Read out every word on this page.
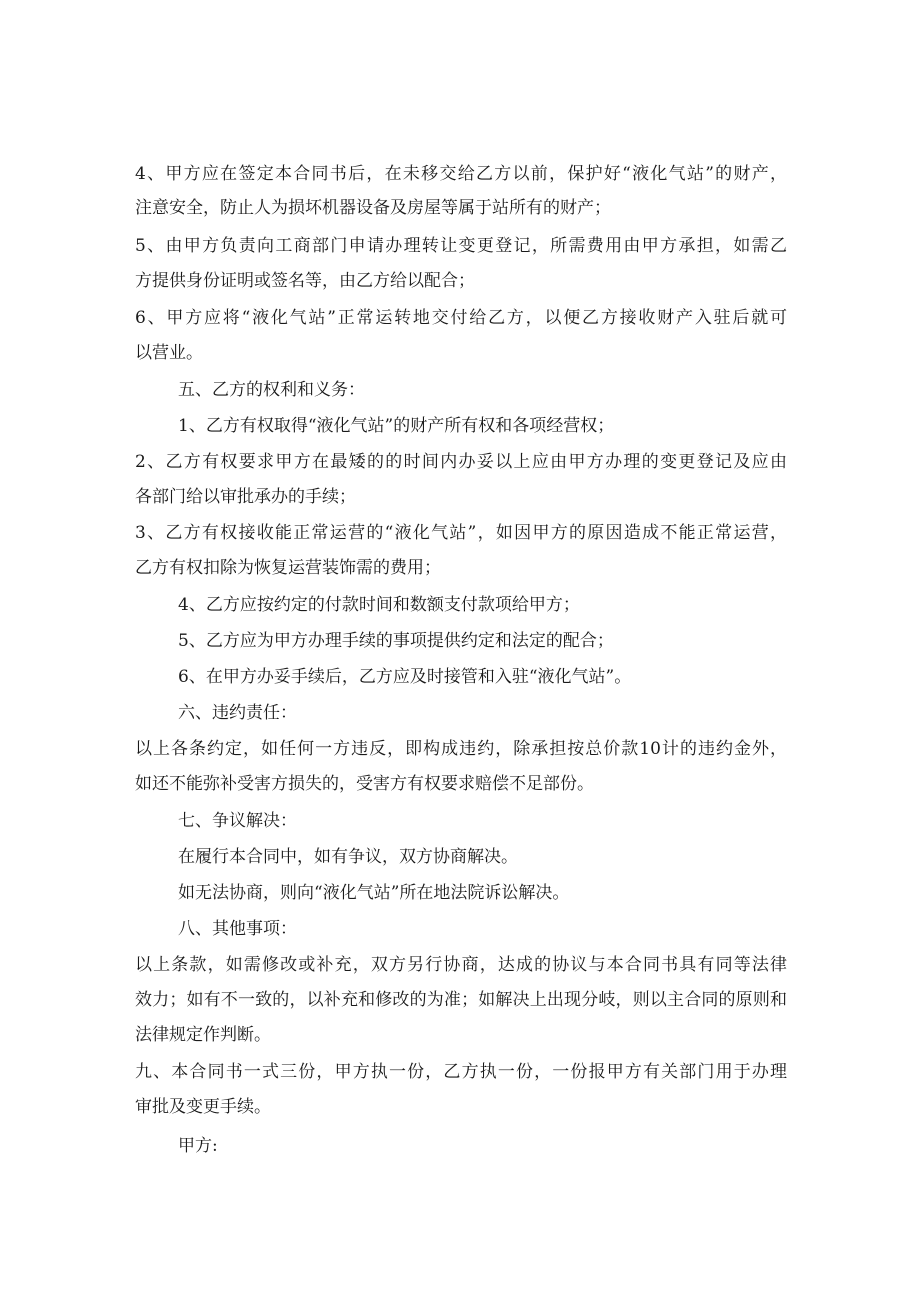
4、甲方应在签定本合同书后，在未移交给乙方以前，保护好“液化气站”的财产，
注意安全，防止人为损坏机器设备及房屋等属于站所有的财产；
5、由甲方负责向工商部门申请办理转让变更登记，所需费用由甲方承担，如需乙
方提供身份证明或签名等，由乙方给以配合；
6、甲方应将“液化气站”正常运转地交付给乙方，以便乙方接收财产入驻后就可
以营业。
五、乙方的权利和义务：
1、乙方有权取得“液化气站”的财产所有权和各项经营权；
2、乙方有权要求甲方在最矮的的时间内办妥以上应由甲方办理的变更登记及应由
各部门给以审批承办的手续；
3、乙方有权接收能正常运营的“液化气站”，如因甲方的原因造成不能正常运营，
乙方有权扣除为恢复运营装饰需的费用；
4、乙方应按约定的付款时间和数额支付款项给甲方；
5、乙方应为甲方办理手续的事项提供约定和法定的配合；
6、在甲方办妥手续后，乙方应及时接管和入驻“液化气站”。
六、违约责任：
以上各条约定，如任何一方违反，即构成违约，除承担按总价款10计的违约金外，
如还不能弥补受害方损失的，受害方有权要求赔偿不足部份。
七、争议解决：
在履行本合同中，如有争议，双方协商解决。
如无法协商，则向“液化气站”所在地法院诉讼解决。
八、其他事项：
以上条款，如需修改或补充，双方另行协商，达成的协议与本合同书具有同等法律
效力；如有不一致的，以补充和修改的为准；如解决上出现分岐，则以主合同的原则和
法律规定作判断。
九、本合同书一式三份，甲方执一份，乙方执一份，一份报甲方有关部门用于办理
审批及变更手续。
甲方:
